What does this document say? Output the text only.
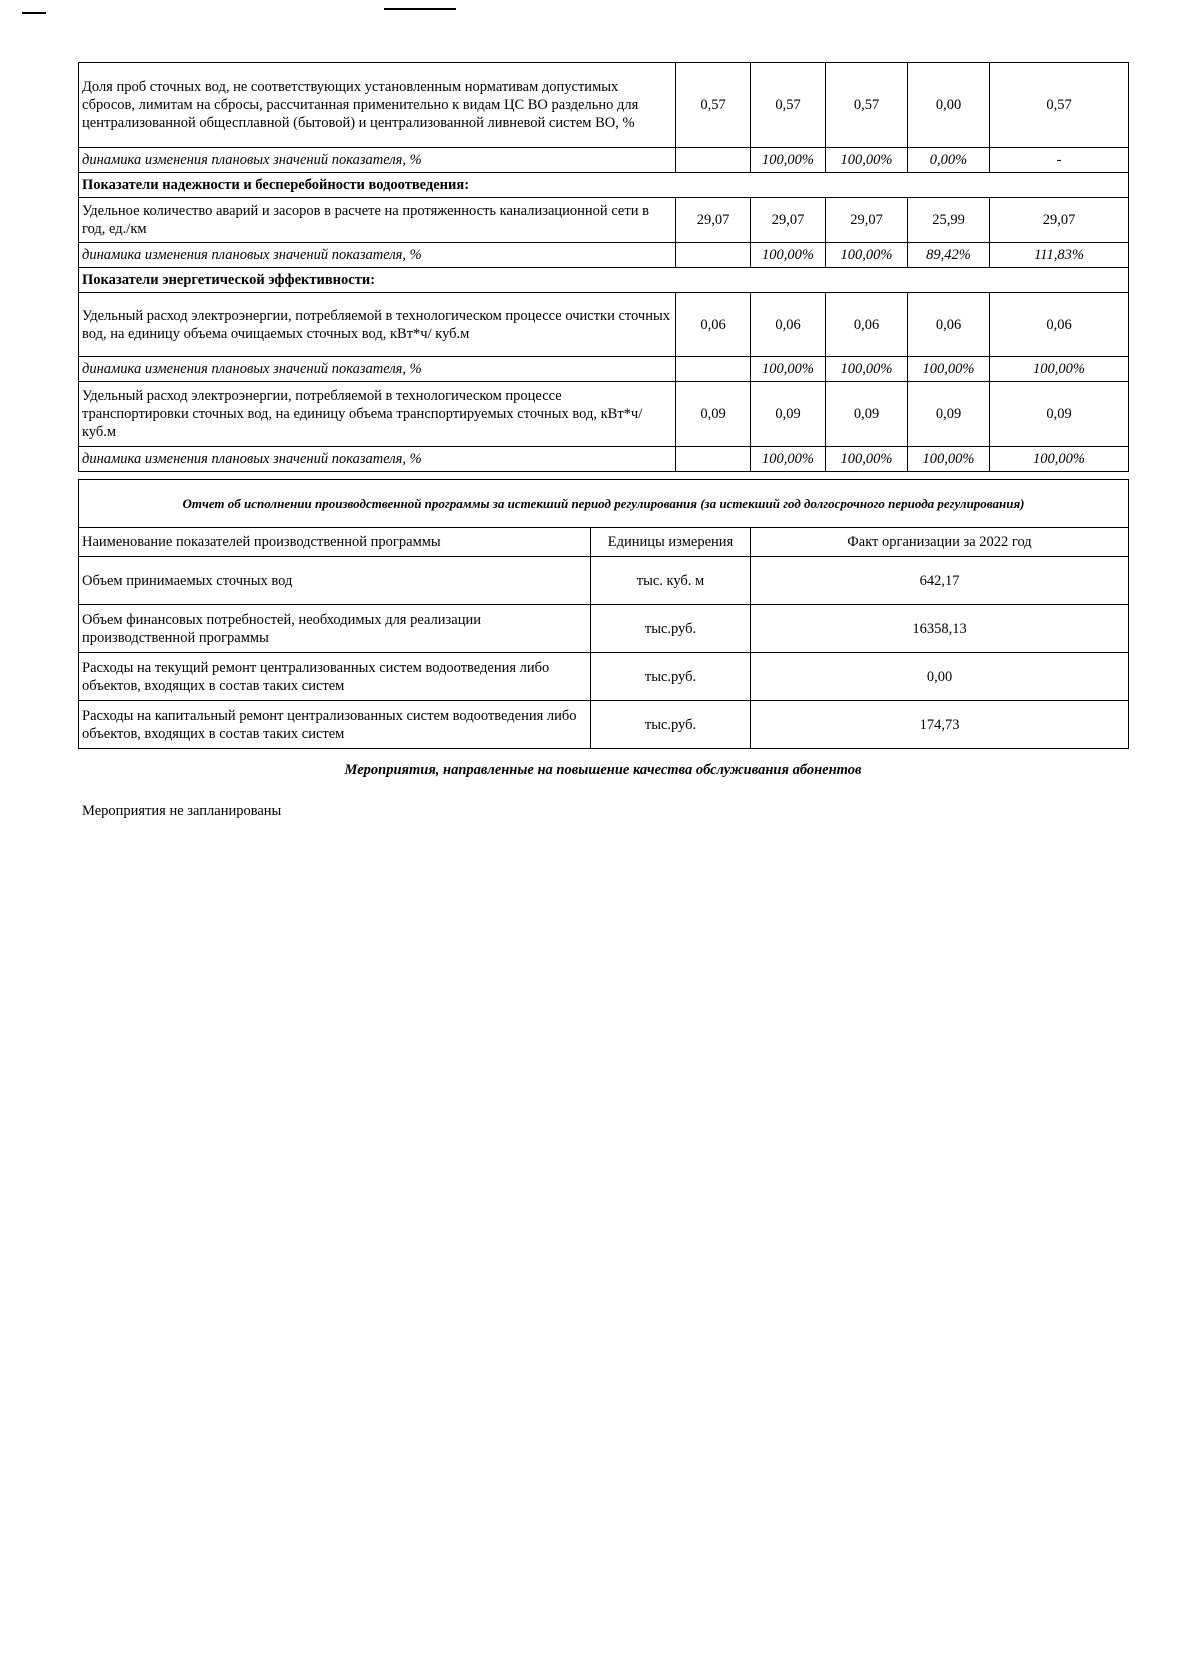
Доля проб сточных вод, не соответствующих установленным нормативам допустимых сбросов, лимитам на сбросы, рассчитанная применительно к видам ЦС ВО раздельно для централизованной общесплавной (бытовой) и централизованной ливневой систем ВО, %	0,57	0,57	0,57	0,00	0,57
динамика изменения плановых значений показателя, %		100,00%	100,00%	0,00%	-
Показатели надежности и бесперебойности водоотведения:					
Удельное количество аварий и засоров в расчете на протяженность канализационной сети в год, ед./км	29,07	29,07	29,07	25,99	29,07
динамика изменения плановых значений показателя, %		100,00%	100,00%	89,42%	111,83%
Показатели энергетической эффективности:					
Удельный расход электроэнергии, потребляемой в технологическом процессе очистки сточных вод, на единицу объема очищаемых сточных вод, кВт*ч/ куб.м	0,06	0,06	0,06	0,06	0,06
динамика изменения плановых значений показателя, %		100,00%	100,00%	100,00%	100,00%
Удельный расход электроэнергии, потребляемой в технологическом процессе транспортировки сточных вод, на единицу объема транспортируемых сточных вод, кВт*ч/ куб.м	0,09	0,09	0,09	0,09	0,09
динамика изменения плановых значений показателя, %		100,00%	100,00%	100,00%	100,00%
Отчет об исполнении производственной программы за истекший период регулирования (за истекший год долгосрочного периода регулирования)		
Наименование показателей производственной программы	Единицы измерения	Факт организации за 2022 год
Объем принимаемых сточных вод	тыс. куб. м	642,17
Объем финансовых потребностей, необходимых для реализации производственной программы	тыс.руб.	16358,13
Расходы на текущий ремонт централизованных систем водоотведения либо объектов, входящих в состав таких систем	тыс.руб.	0,00
Расходы на капитальный ремонт централизованных систем водоотведения либо объектов, входящих в состав таких систем	тыс.руб.	174,73
Мероприятия, направленные на повышение качества обслуживания абонентов
Мероприятия не запланированы
